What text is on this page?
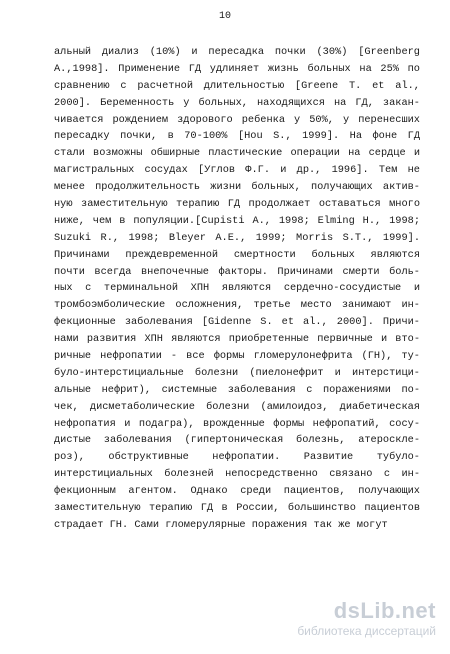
10
альный диализ (10%) и пересадка почки (30%) [Greenberg
A.,1998]. Применение ГД удлиняет жизнь больных на 25% по
сравнению с расчетной длительностью [Greene T. et al.,
2000]. Беременность у больных, находящихся на ГД, закан-
чивается рождением здорового ребенка у 50%, у перенесших
пересадку почки, в 70-100% [Hou S., 1999]. На фоне ГД
стали возможны обширные пластические операции на сердце и
магистральных сосудах [Углов Ф.Г. и др., 1996]. Тем не
менее продолжительность жизни больных, получающих актив-
ную заместительную терапию ГД продолжает оставаться много
ниже, чем в популяции.[Cupisti A., 1998; Elming H., 1998;
Suzuki R., 1998; Bleyer A.E., 1999; Morris S.T., 1999].
Причинами преждевременной смертности больных являются
почти всегда внепочечные факторы. Причинами смерти боль-
ных с терминальной ХПН являются сердечно-сосудистые и
тромбоэмболические осложнения, третье место занимают ин-
фекционные заболевания [Gidenne S. et al., 2000]. Причи-
нами развития ХПН являются приобретенные первичные и вто-
ричные нефропатии - все формы гломерулонефрита (ГН), ту-
було-интерстициальные болезни (пиелонефрит и интерстици-
альные нефрит), системные заболевания с поражениями по-
чек, дисметаболические болезни (амилоидоз, диабетическая
нефропатия и подагра), врожденные формы нефропатий, сосу-
дистые заболевания (гипертоническая болезнь, атероскле-
роз), обструктивные нефропатии. Развитие тубуло-
интерстициальных болезней непосредственно связано с ин-
фекционным агентом. Однако среди пациентов, получающих
заместительную терапию ГД в России, большинство пациентов
страдает ГН. Сами гломерулярные поражения так же могут
dsLib.net
библиотека диссертаций
